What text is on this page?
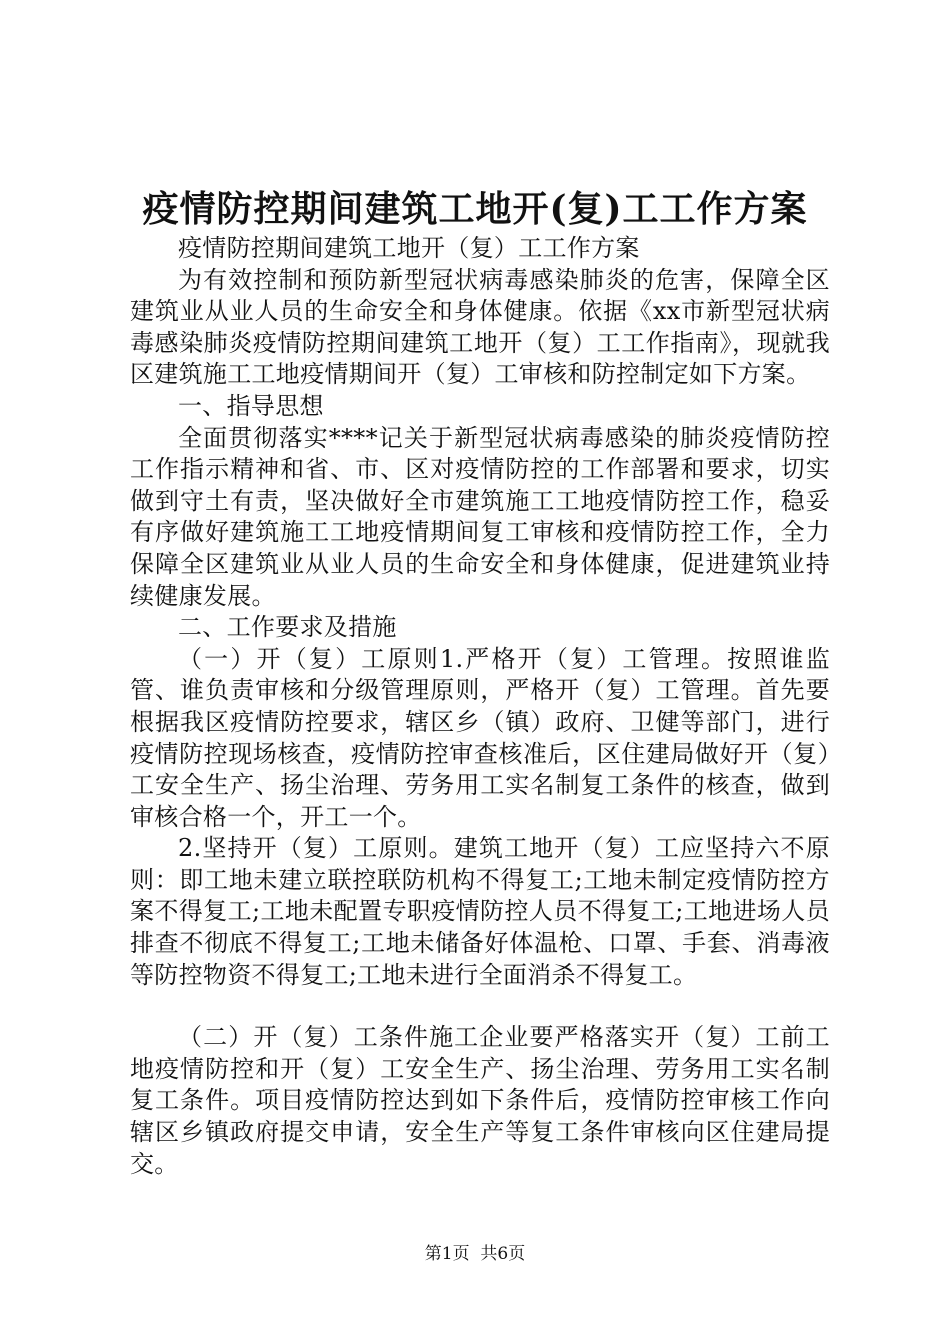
疫情防控期间建筑工地开(复)工工作方案

疫情防控期间建筑工地开（复）工工作方案

为有效控制和预防新型冠状病毒感染肺炎的危害，保障全区建筑业从业人员的生命安全和身体健康。依据《xx市新型冠状病毒感染肺炎疫情防控期间建筑工地开（复）工工作指南》，现就我区建筑施工工地疫情期间开（复）工审核和防控制定如下方案。

一、指导思想

全面贯彻落实****记关于新型冠状病毒感染的肺炎疫情防控工作指示精神和省、市、区对疫情防控的工作部署和要求，切实做到守土有责，坚决做好全市建筑施工工地疫情防控工作，稳妥有序做好建筑施工工地疫情期间复工审核和疫情防控工作，全力保障全区建筑业从业人员的生命安全和身体健康，促进建筑业持续健康发展。

二、工作要求及措施

（一）开（复）工原则1.严格开（复）工管理。按照谁监管、谁负责审核和分级管理原则，严格开（复）工管理。首先要根据我区疫情防控要求，辖区乡（镇）政府、卫健等部门，进行疫情防控现场核查，疫情防控审查核准后，区住建局做好开（复）工安全生产、扬尘治理、劳务用工实名制复工条件的核查，做到审核合格一个，开工一个。

2.坚持开（复）工原则。建筑工地开（复）工应坚持六不原则：即工地未建立联控联防机构不得复工;工地未制定疫情防控方案不得复工;工地未配置专职疫情防控人员不得复工;工地进场人员排查不彻底不得复工;工地未储备好体温枪、口罩、手套、消毒液等防控物资不得复工;工地未进行全面消杀不得复工。

（二）开（复）工条件施工企业要严格落实开（复）工前工地疫情防控和开（复）工安全生产、扬尘治理、劳务用工实名制复工条件。项目疫情防控达到如下条件后，疫情防控审核工作向辖区乡镇政府提交申请，安全生产等复工条件审核向区住建局提交。

第1页 共6页
